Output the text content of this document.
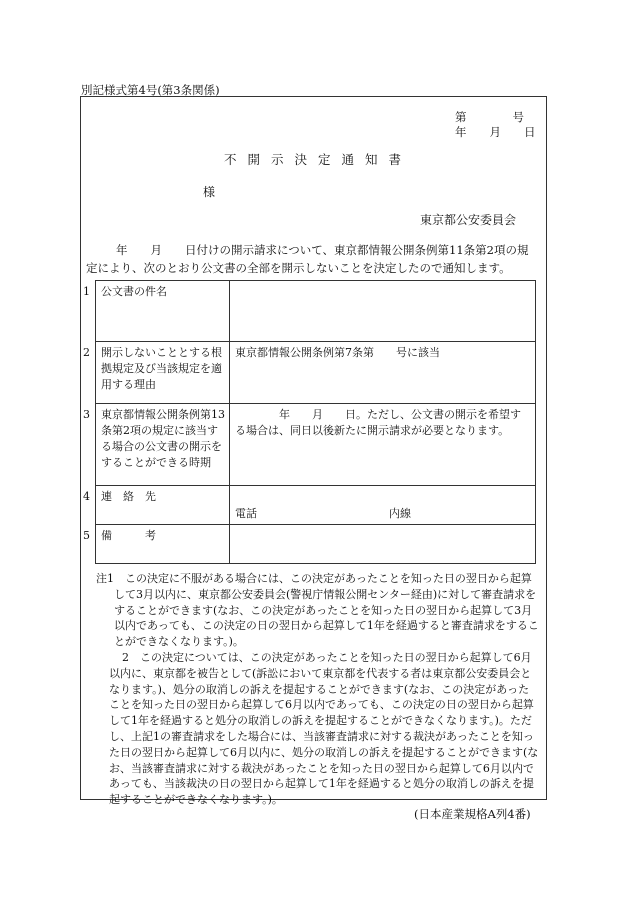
別記様式第4号(第3条関係)
第　　　　号
年　　月　　日
不開示決定通知書
様
東京都公安委員会
年　　月　　日付けの開示請求について、東京都情報公開条例第11条第2項の規定により、次のとおり公文書の全部を開示しないことを決定したので通知します。
1　公文書の件名	
2　開示しないこととする根拠規定及び当該規定を適用する理由	東京都情報公開条例第7条第　　号に該当
3　東京都情報公開条例第13条第2項の規定に該当する場合の公文書の開示をすることができる時期	　　　　年　　月　　日。ただし、公文書の開示を希望する場合は、同日以後新たに開示請求が必要となります。
4　連　絡　先	電話　　　　　　　　　　　　内線
5　備　　　考	

注1　この決定に不服がある場合には、この決定があったことを知った日の翌日から起算して3月以内に、東京都公安委員会(警視庁情報公開センター経由)に対して審査請求をすることができます(なお、この決定があったことを知った日の翌日から起算して3月以内であっても、この決定の日の翌日から起算して1年を経過すると審査請求をすることができなくなります。)。

2　この決定については、この決定があったことを知った日の翌日から起算して6月以内に、東京都を被告として(訴訟において東京都を代表する者は東京都公安委員会となります。)、処分の取消しの訴えを提起することができます(なお、この決定があったことを知った日の翌日から起算して6月以内であっても、この決定の日の翌日から起算して1年を経過すると処分の取消しの訴えを提起することができなくなります。)。ただし、上記1の審査請求をした場合には、当該審査請求に対する裁決があったことを知った日の翌日から起算して6月以内に、処分の取消しの訴えを提起することができます(なお、当該審査請求に対する裁決があったことを知った日の翌日から起算して6月以内であっても、当該裁決の日の翌日から起算して1年を経過すると処分の取消しの訴えを提起することができなくなります。)。

(日本産業規格A列4番)
